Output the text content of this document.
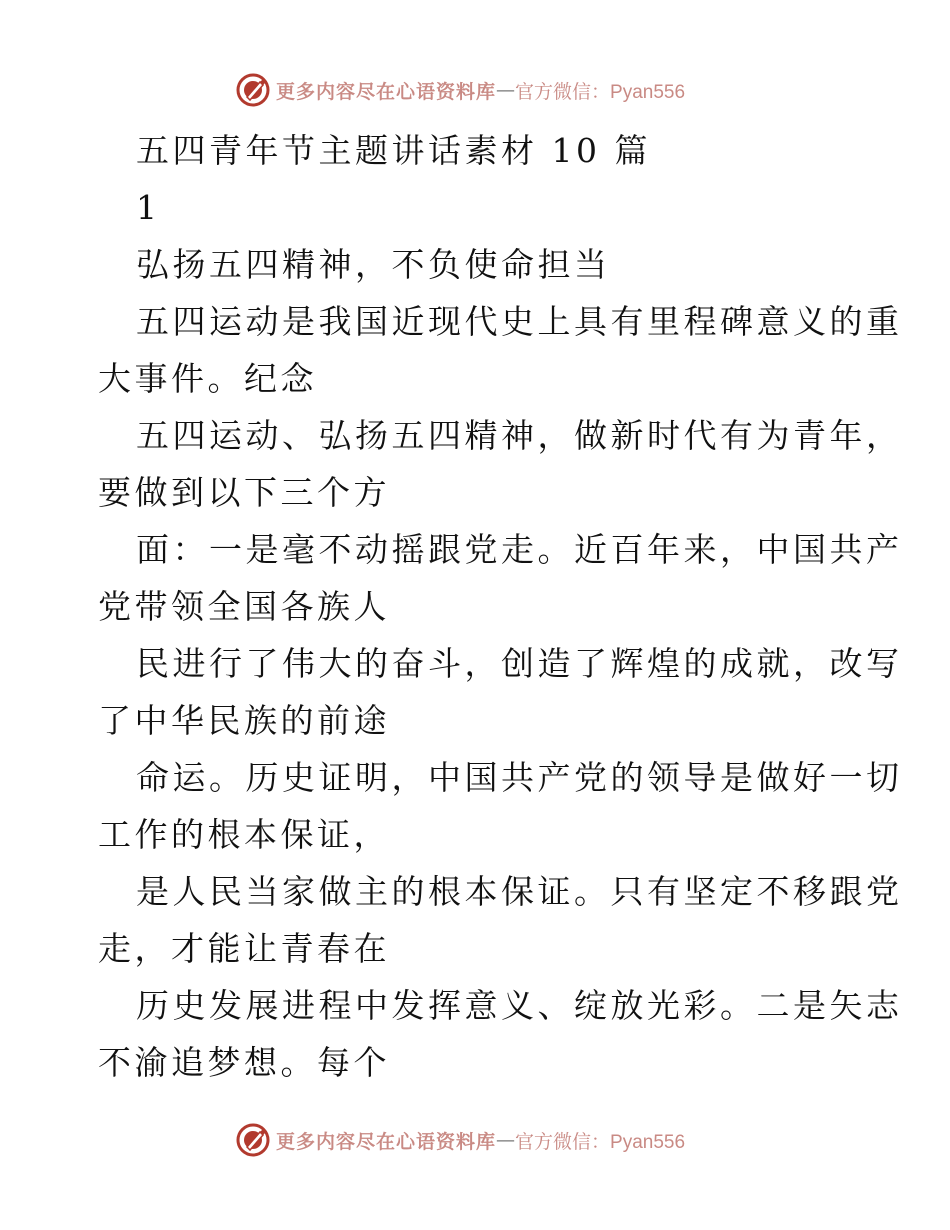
更多内容尽在心语资料库 — 官方微信：Pyan556
五四青年节主题讲话素材 10 篇
1
弘扬五四精神，不负使命担当
五四运动是我国近现代史上具有里程碑意义的重
大事件。纪念
五四运动、弘扬五四精神，做新时代有为青年，
要做到以下三个方
面：一是毫不动摇跟党走。近百年来，中国共产
党带领全国各族人
民进行了伟大的奋斗，创造了辉煌的成就，改写
了中华民族的前途
命运。历史证明，中国共产党的领导是做好一切
工作的根本保证，
是人民当家做主的根本保证。只有坚定不移跟党
走，才能让青春在
历史发展进程中发挥意义、绽放光彩。二是矢志
不渝追梦想。每个
更多内容尽在心语资料库 — 官方微信：Pyan556
